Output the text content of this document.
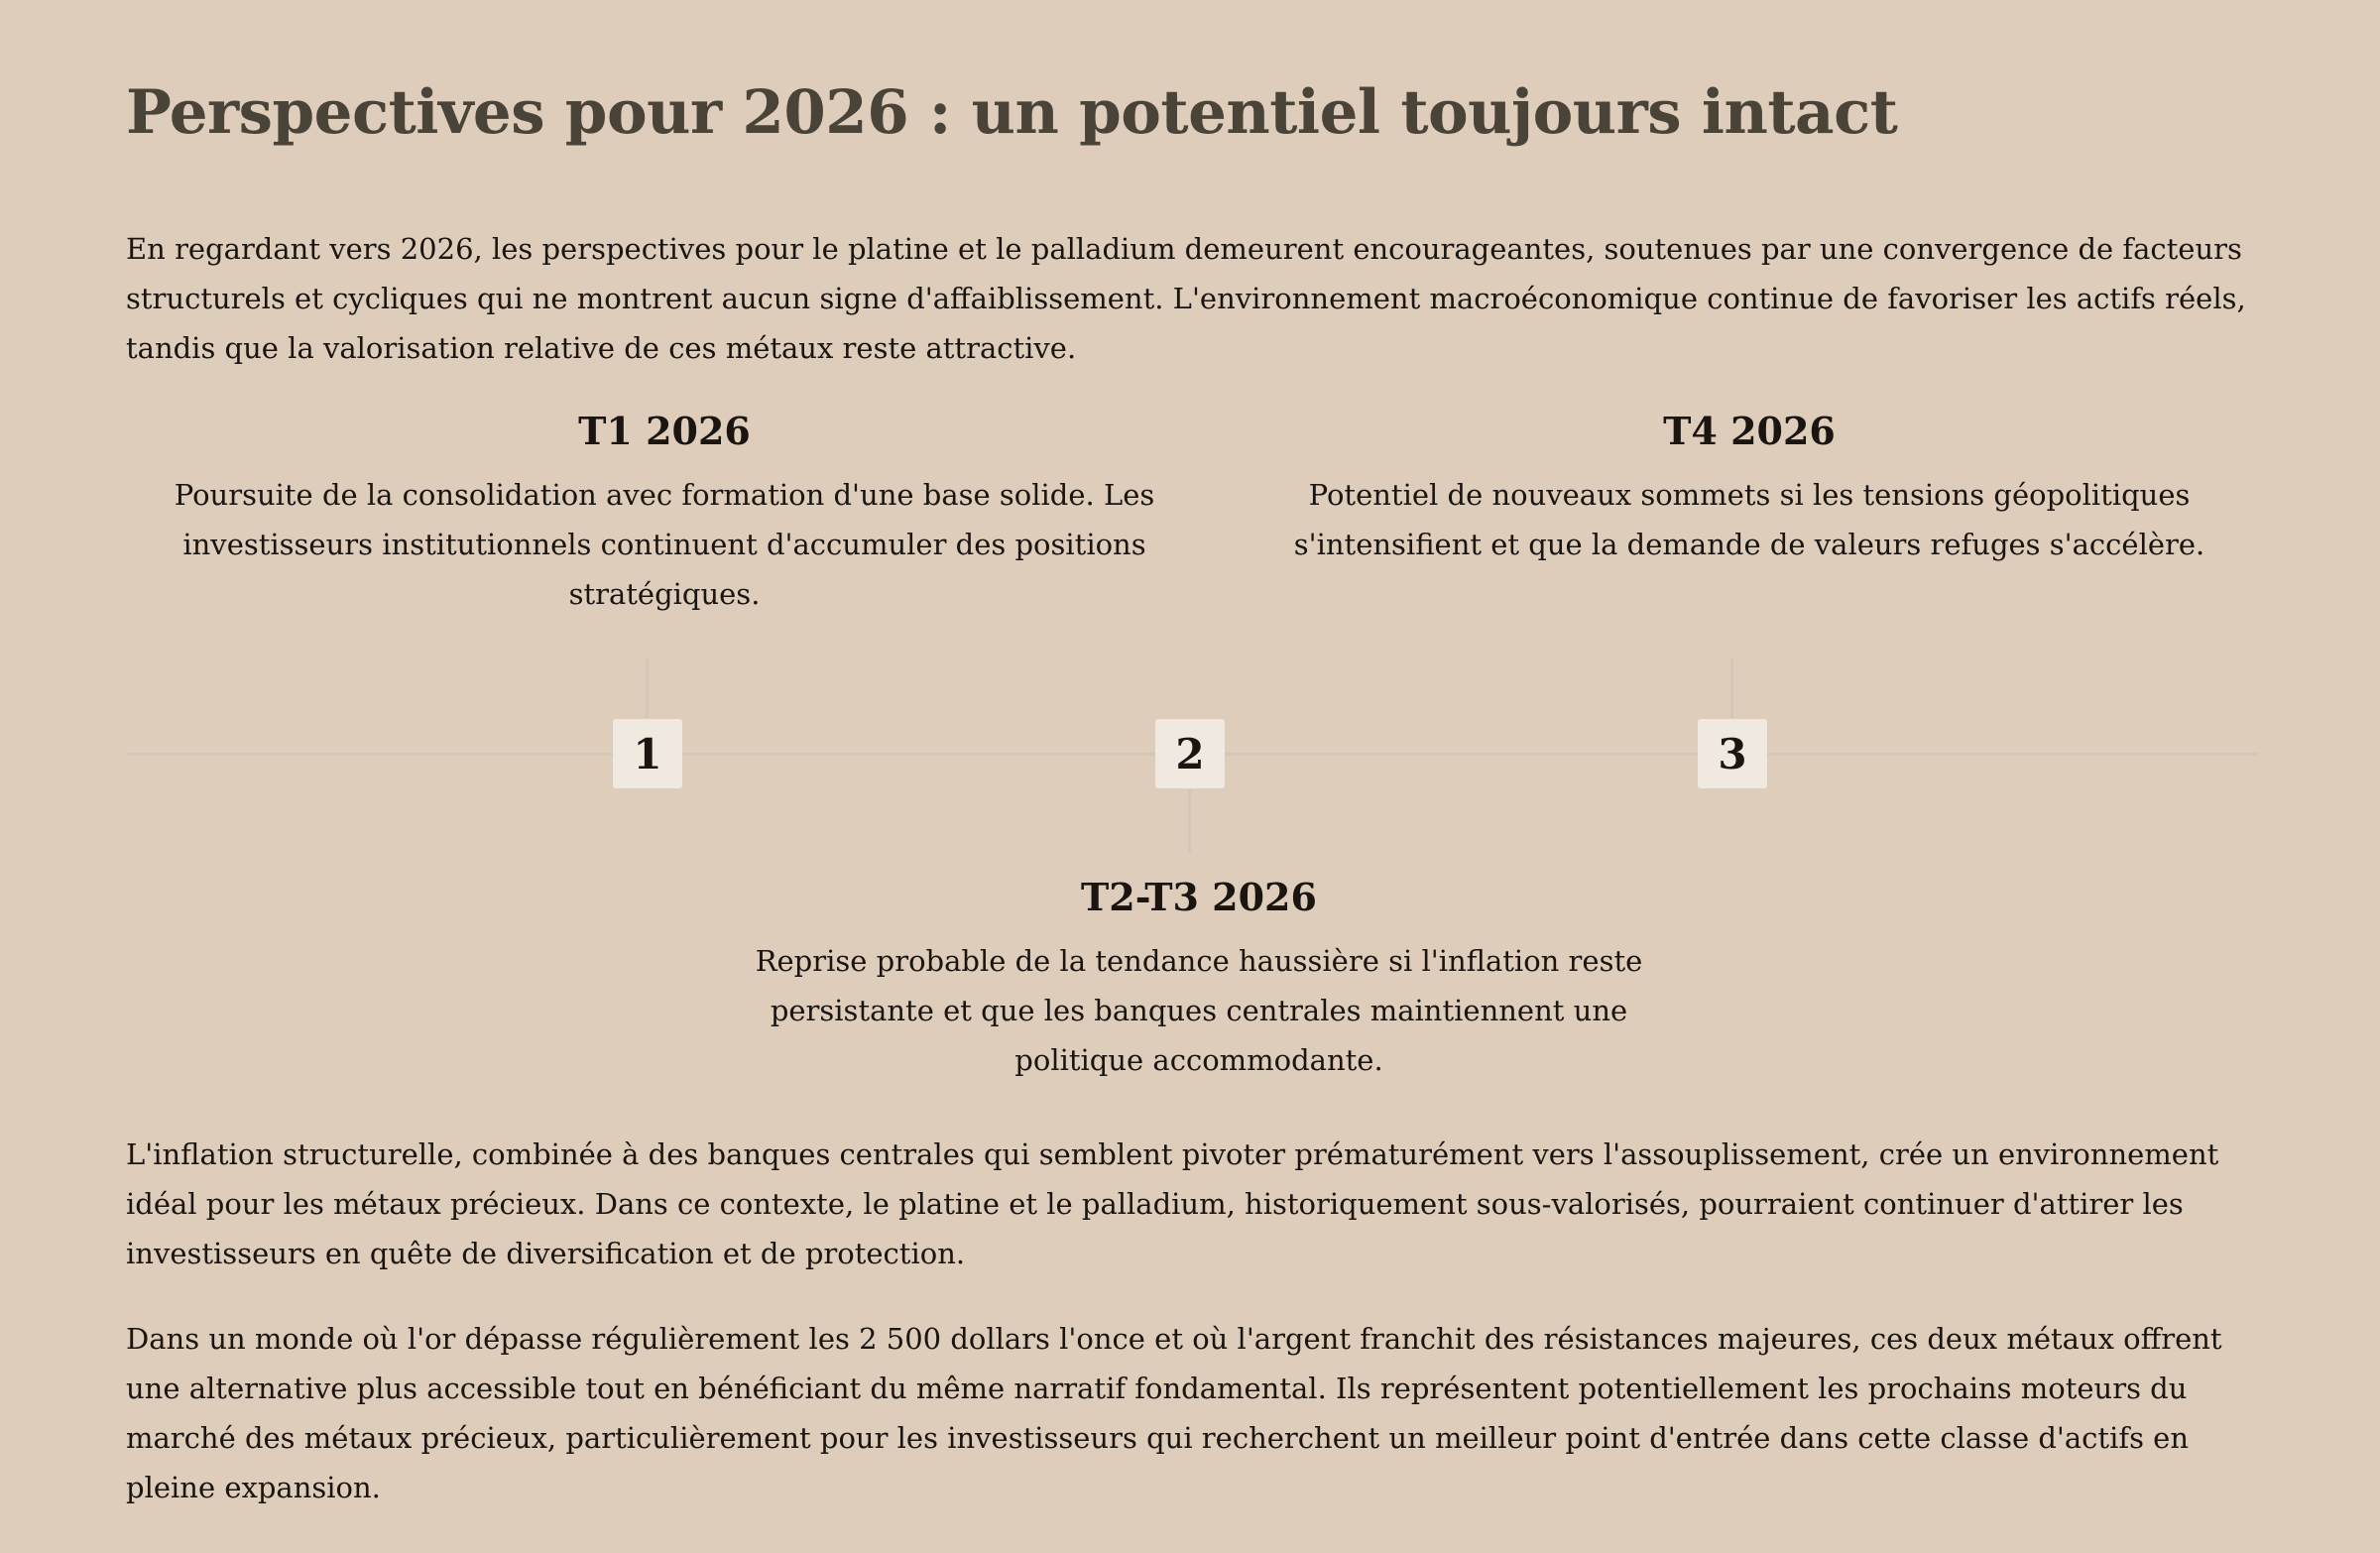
Perspectives pour 2026 : un potentiel toujours intact

En regardant vers 2026, les perspectives pour le platine et le palladium demeurent encourageantes, soutenues par une convergence de facteurs structurels et cycliques qui ne montrent aucun signe d'affaiblissement. L'environnement macroéconomique continue de favoriser les actifs réels, tandis que la valorisation relative de ces métaux reste attractive.

1	2	3
T1 2026

Poursuite de la consolidation avec formation d'une base solide. Les investisseurs institutionnels continuent d'accumuler des positions stratégiques.

T4 2026

Potentiel de nouveaux sommets si les tensions géopolitiques s'intensifient et que la demande de valeurs refuges s'accélère.

T2-T3 2026

Reprise probable de la tendance haussière si l'inflation reste persistante et que les banques centrales maintiennent une politique accommodante.

L'inflation structurelle, combinée à des banques centrales qui semblent pivoter prématurément vers l'assouplissement, crée un environnement idéal pour les métaux précieux. Dans ce contexte, le platine et le palladium, historiquement sous-valorisés, pourraient continuer d'attirer les investisseurs en quête de diversification et de protection.

Dans un monde où l'or dépasse régulièrement les 2 500 dollars l'once et où l'argent franchit des résistances majeures, ces deux métaux offrent une alternative plus accessible tout en bénéficiant du même narratif fondamental. Ils représentent potentiellement les prochains moteurs du marché des métaux précieux, particulièrement pour les investisseurs qui recherchent un meilleur point d'entrée dans cette classe d'actifs en pleine expansion.
